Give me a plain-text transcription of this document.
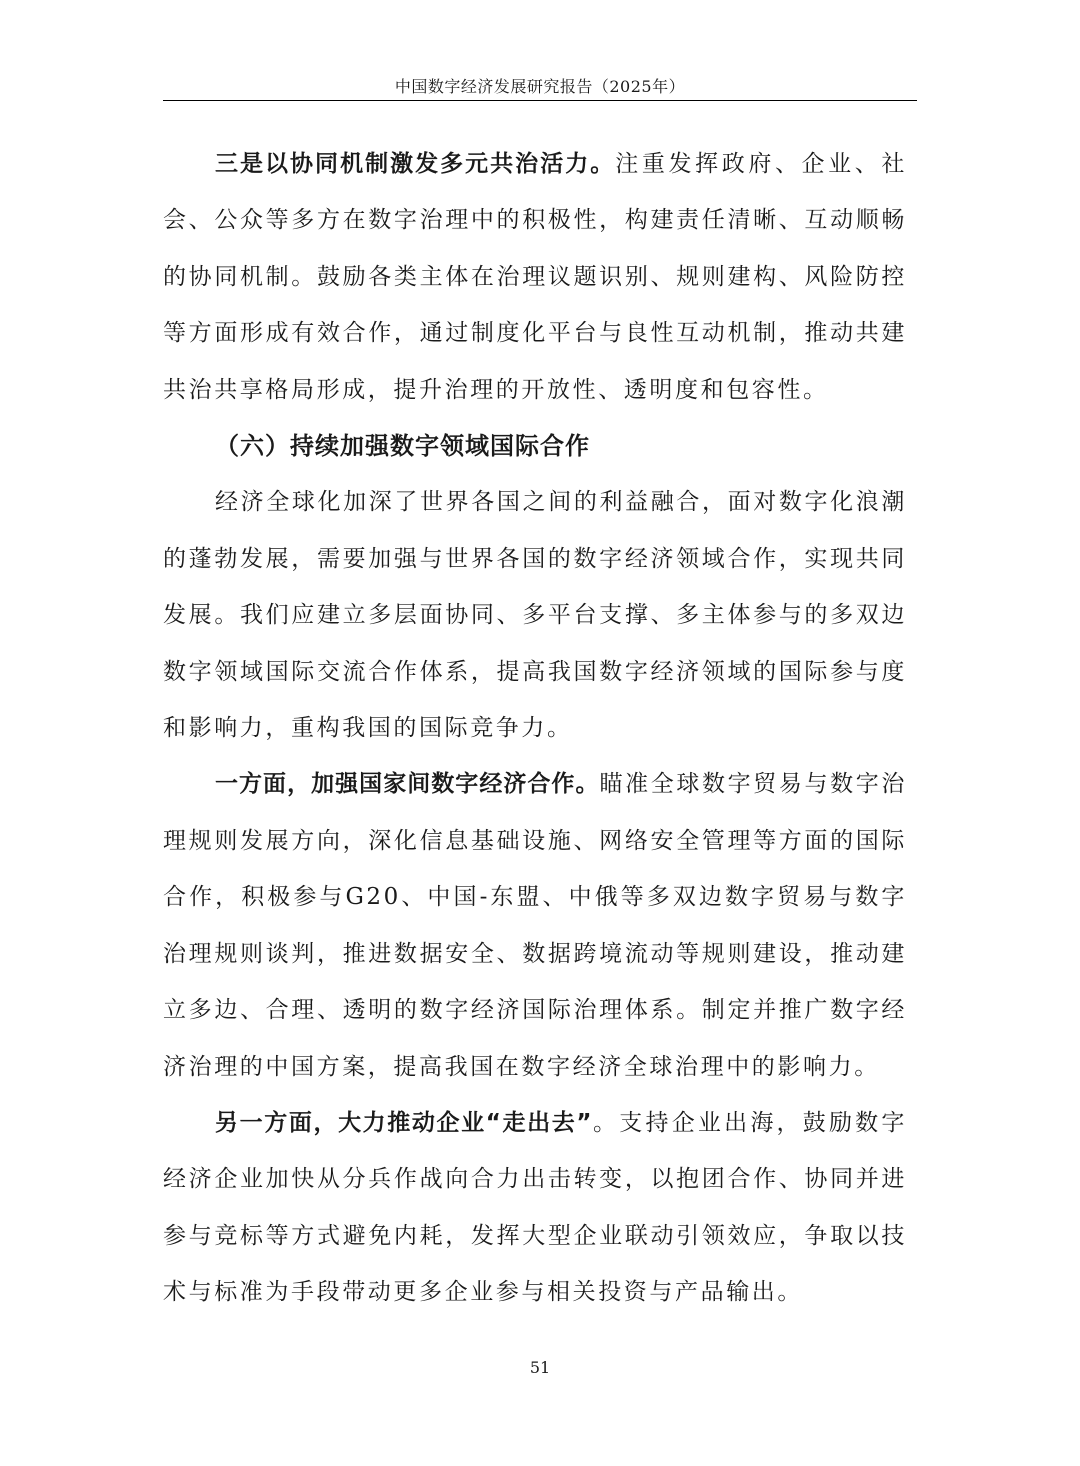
中国数字经济发展研究报告（2025年）

三是以协同机制激发多元共治活力。注重发挥政府、企业、社会、公众等多方在数字治理中的积极性，构建责任清晰、互动顺畅的协同机制。鼓励各类主体在治理议题识别、规则建构、风险防控等方面形成有效合作，通过制度化平台与良性互动机制，推动共建共治共享格局形成，提升治理的开放性、透明度和包容性。

（六）持续加强数字领域国际合作

经济全球化加深了世界各国之间的利益融合，面对数字化浪潮的蓬勃发展，需要加强与世界各国的数字经济领域合作，实现共同发展。我们应建立多层面协同、多平台支撑、多主体参与的多双边数字领域国际交流合作体系，提高我国数字经济领域的国际参与度和影响力，重构我国的国际竞争力。

一方面，加强国家间数字经济合作。瞄准全球数字贸易与数字治理规则发展方向，深化信息基础设施、网络安全管理等方面的国际合作，积极参与G20、中国-东盟、中俄等多双边数字贸易与数字治理规则谈判，推进数据安全、数据跨境流动等规则建设，推动建立多边、合理、透明的数字经济国际治理体系。制定并推广数字经济治理的中国方案，提高我国在数字经济全球治理中的影响力。

另一方面，大力推动企业“走出去”。支持企业出海，鼓励数字经济企业加快从分兵作战向合力出击转变，以抱团合作、协同并进参与竞标等方式避免内耗，发挥大型企业联动引领效应，争取以技术与标准为手段带动更多企业参与相关投资与产品输出。

51
